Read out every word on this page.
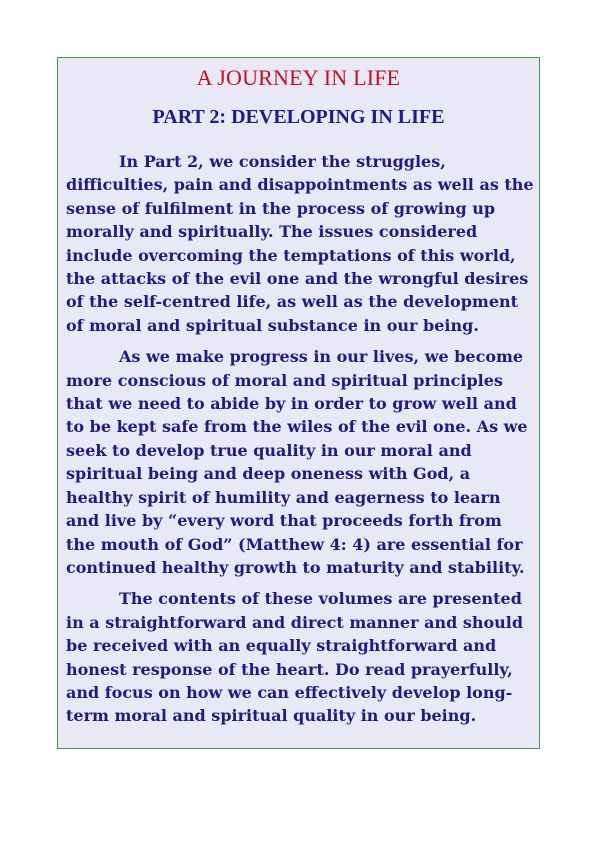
A JOURNEY IN LIFE
PART 2: DEVELOPING IN LIFE

In Part 2, we consider the struggles, difficulties, pain and disappointments as well as the sense of fulfilment in the process of growing up morally and spiritually. The issues considered include overcoming the temptations of this world, the attacks of the evil one and the wrongful desires of the self-centred life, as well as the development of moral and spiritual substance in our being.

As we make progress in our lives, we become more conscious of moral and spiritual principles that we need to abide by in order to grow well and to be kept safe from the wiles of the evil one. As we seek to develop true quality in our moral and spiritual being and deep oneness with God, a healthy spirit of humility and eagerness to learn and live by “every word that proceeds forth from the mouth of God” (Matthew 4: 4) are essential for continued healthy growth to maturity and stability.

The contents of these volumes are presented in a straightforward and direct manner and should be received with an equally straightforward and honest response of the heart. Do read prayerfully, and focus on how we can effectively develop long-term moral and spiritual quality in our being.
